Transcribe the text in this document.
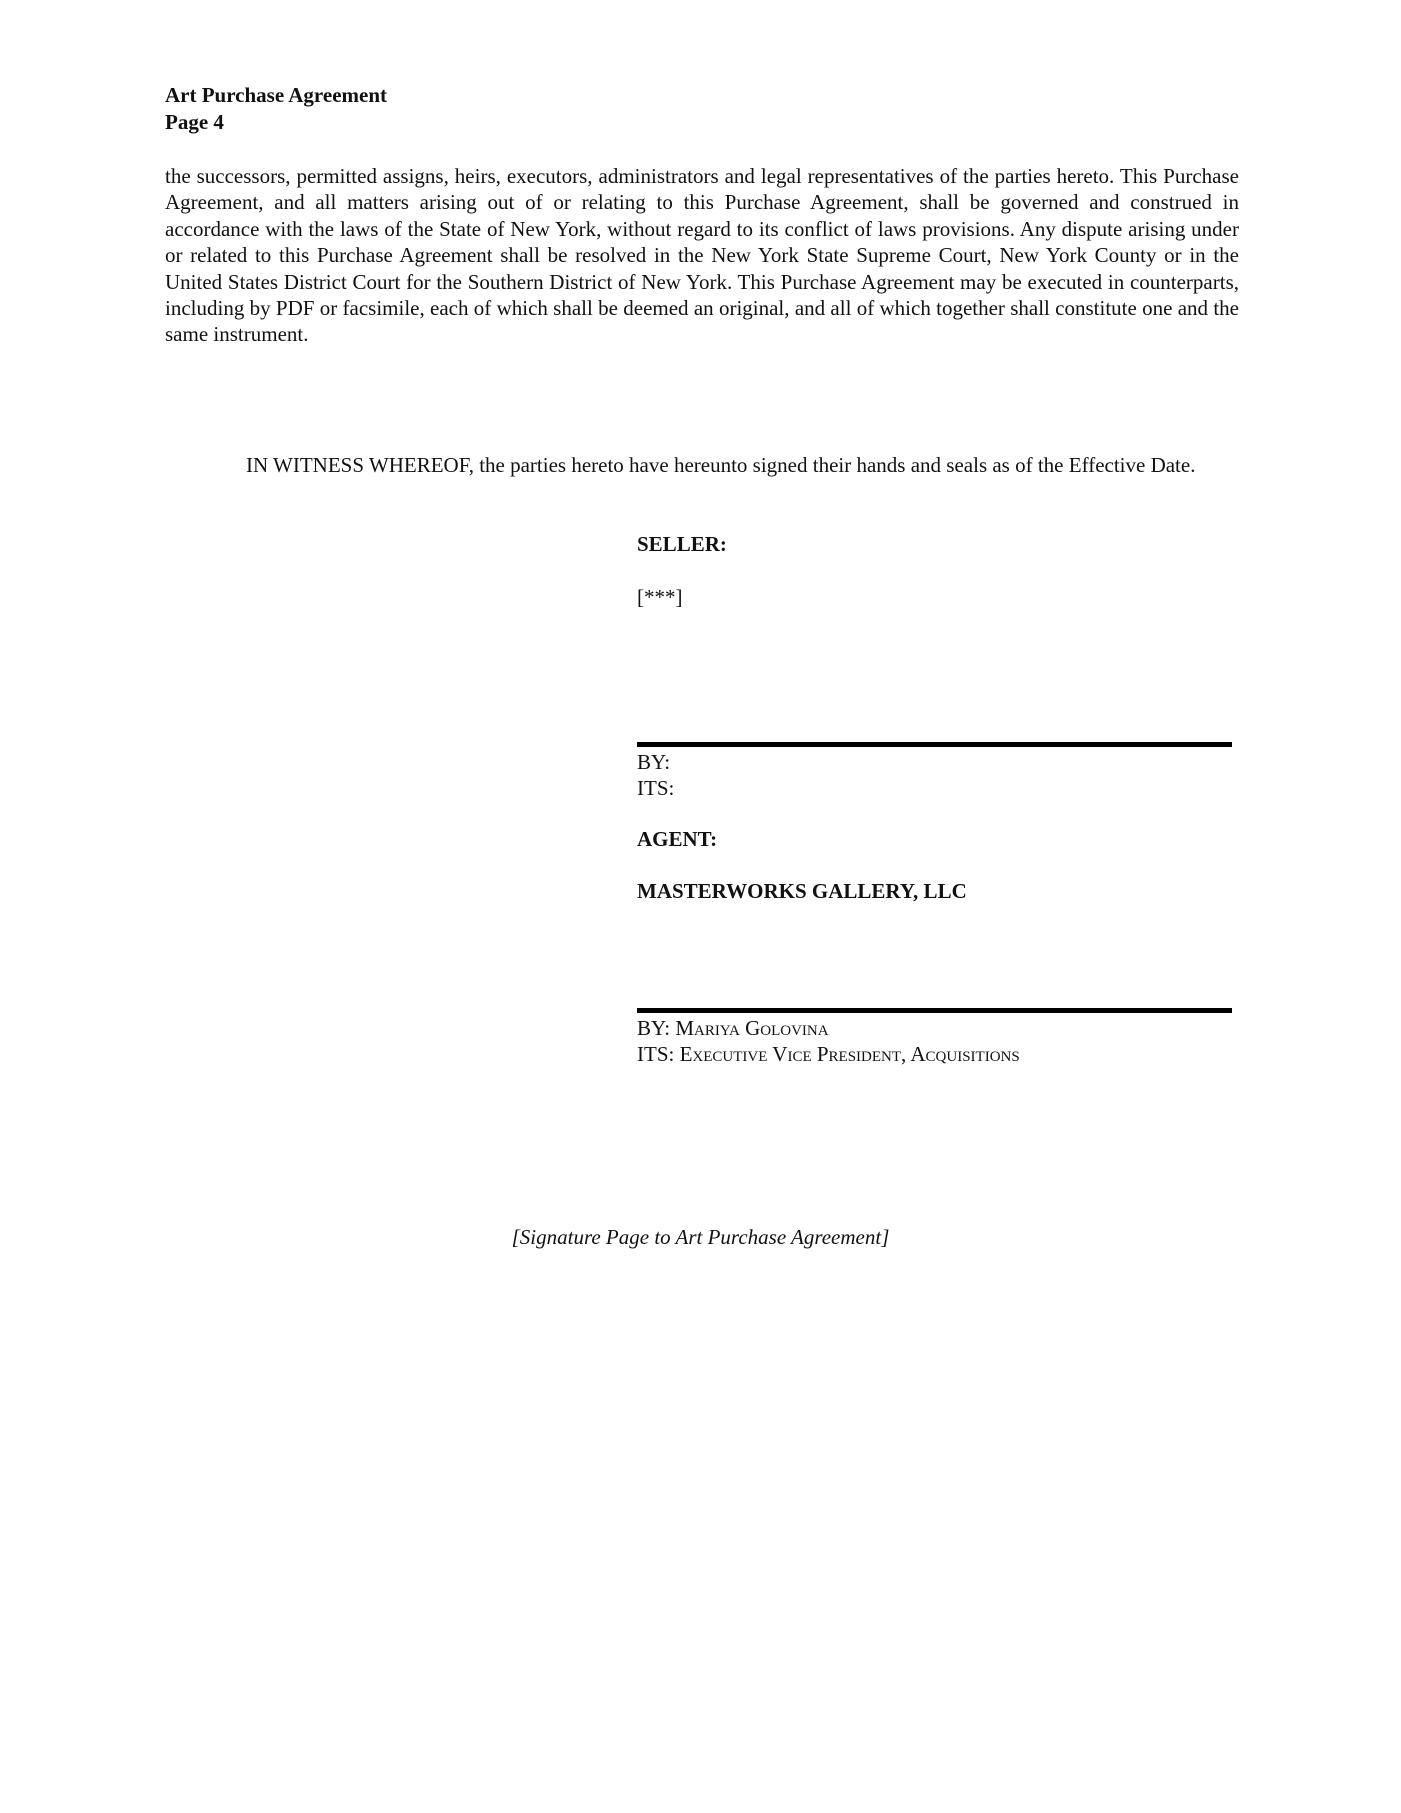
Art Purchase Agreement
Page 4
the successors, permitted assigns, heirs, executors, administrators and legal representatives of the parties hereto. This Purchase Agreement, and all matters arising out of or relating to this Purchase Agreement, shall be governed and construed in accordance with the laws of the State of New York, without regard to its conflict of laws provisions. Any dispute arising under or related to this Purchase Agreement shall be resolved in the New York State Supreme Court, New York County or in the United States District Court for the Southern District of New York. This Purchase Agreement may be executed in counterparts, including by PDF or facsimile, each of which shall be deemed an original, and all of which together shall constitute one and the same instrument.
IN WITNESS WHEREOF, the parties hereto have hereunto signed their hands and seals as of the Effective Date.
SELLER:
[***]
BY:
ITS:
AGENT:
MASTERWORKS GALLERY, LLC
BY: Mariya Golovina
ITS: Executive Vice President, Acquisitions
[Signature Page to Art Purchase Agreement]
